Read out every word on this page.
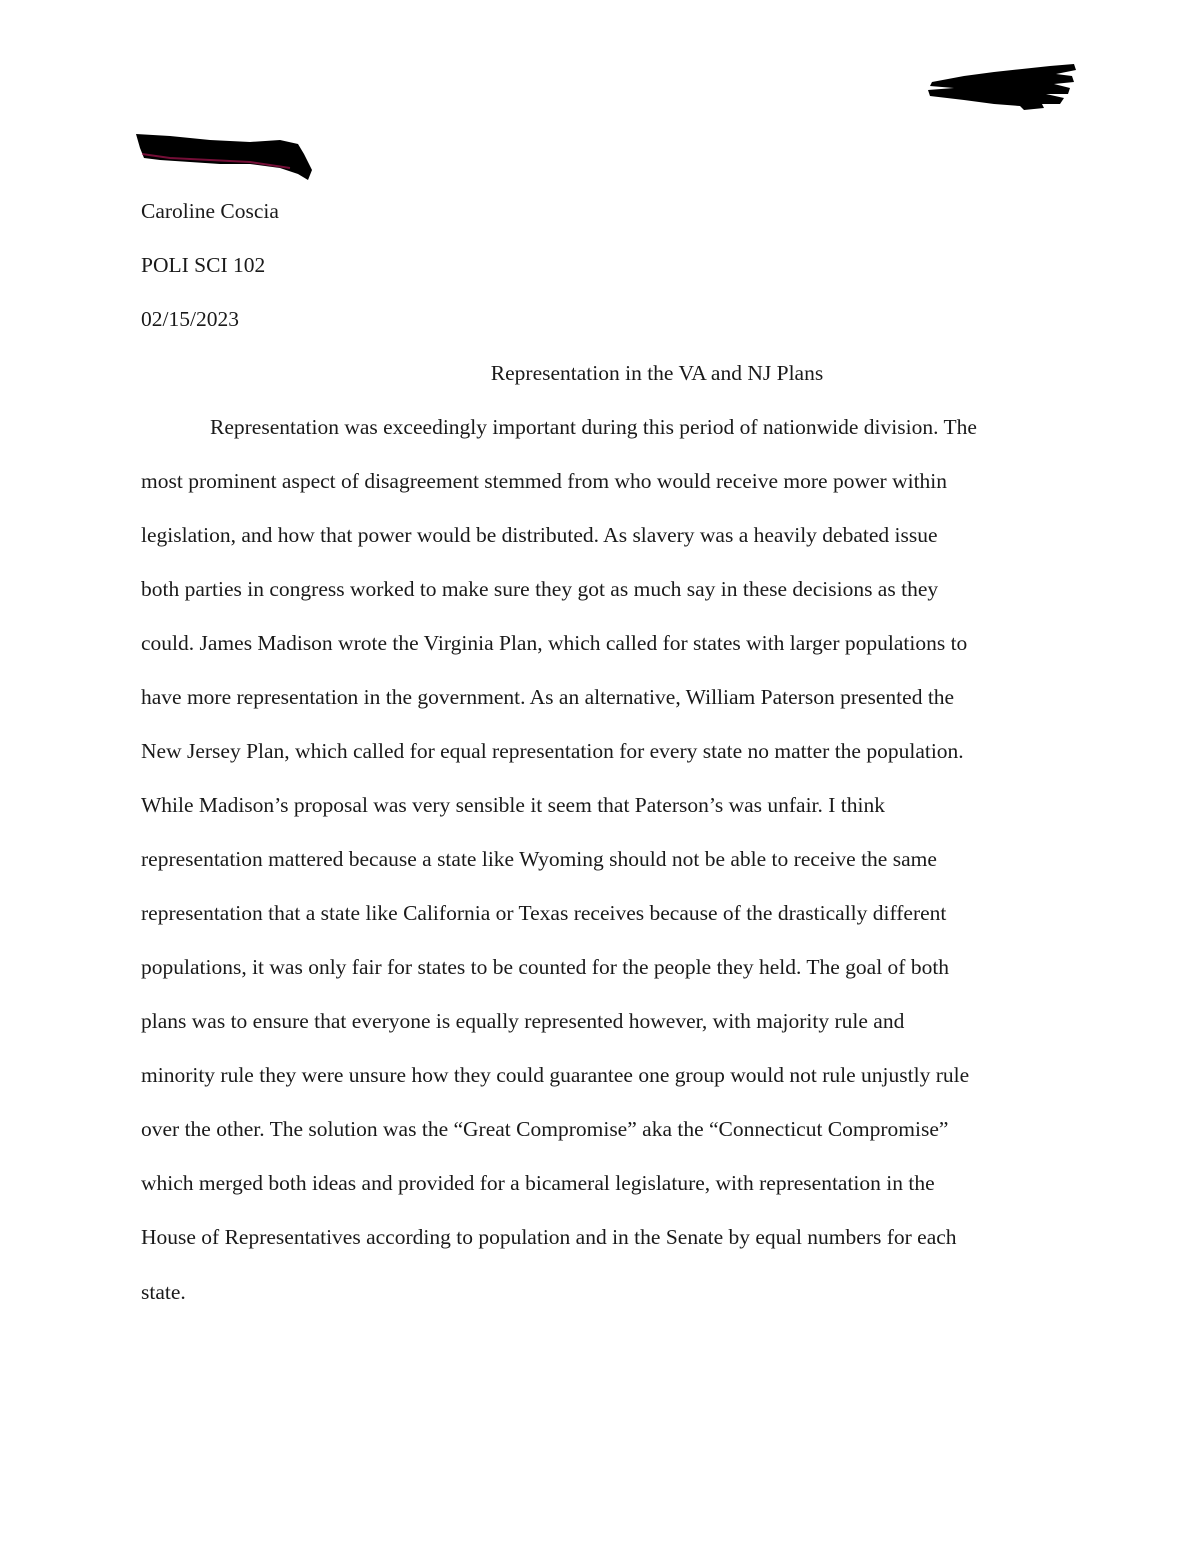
Caroline Coscia

POLI SCI 102

02/15/2023

Representation in the VA and NJ Plans

Representation was exceedingly important during this period of nationwide division. The

most prominent aspect of disagreement stemmed from who would receive more power within

legislation, and how that power would be distributed. As slavery was a heavily debated issue

both parties in congress worked to make sure they got as much say in these decisions as they

could. James Madison wrote the Virginia Plan, which called for states with larger populations to

have more representation in the government. As an alternative, William Paterson presented the

New Jersey Plan, which called for equal representation for every state no matter the population.

While Madison’s proposal was very sensible it seem that Paterson’s was unfair. I think

representation mattered because a state like Wyoming should not be able to receive the same

representation that a state like California or Texas receives because of the drastically different

populations, it was only fair for states to be counted for the people they held. The goal of both

plans was to ensure that everyone is equally represented however, with majority rule and

minority rule they were unsure how they could guarantee one group would not rule unjustly rule

over the other. The solution was the “Great Compromise” aka the “Connecticut Compromise”

which merged both ideas and provided for a bicameral legislature, with representation in the

House of Representatives according to population and in the Senate by equal numbers for each

state.
